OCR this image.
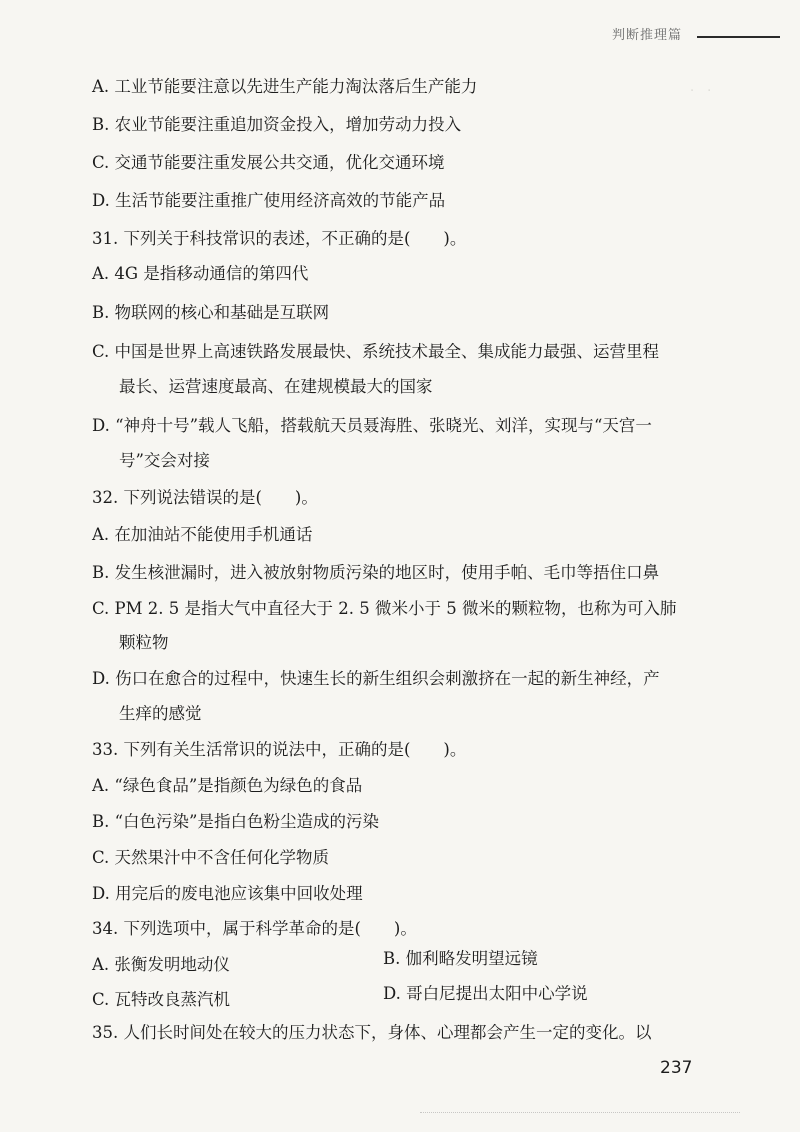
判断推理篇
·　·
A. 工业节能要注意以先进生产能力淘汰落后生产能力
B. 农业节能要注重追加资金投入，增加劳动力投入
C. 交通节能要注重发展公共交通，优化交通环境
D. 生活节能要注重推广使用经济高效的节能产品
31. 下列关于科技常识的表述，不正确的是(　　)。
A. 4G 是指移动通信的第四代
B. 物联网的核心和基础是互联网
C. 中国是世界上高速铁路发展最快、系统技术最全、集成能力最强、运营里程
最长、运营速度最高、在建规模最大的国家
D. “神舟十号”载人飞船，搭载航天员聂海胜、张晓光、刘洋，实现与“天宫一
号”交会对接
32. 下列说法错误的是(　　)。
A. 在加油站不能使用手机通话
B. 发生核泄漏时，进入被放射物质污染的地区时，使用手帕、毛巾等捂住口鼻
C. PM 2. 5 是指大气中直径大于 2. 5 微米小于 5 微米的颗粒物，也称为可入肺
颗粒物
D. 伤口在愈合的过程中，快速生长的新生组织会刺激挤在一起的新生神经，产
生痒的感觉
33. 下列有关生活常识的说法中，正确的是(　　)。
A. “绿色食品”是指颜色为绿色的食品
B. “白色污染”是指白色粉尘造成的污染
C. 天然果汁中不含任何化学物质
D. 用完后的废电池应该集中回收处理
34. 下列选项中，属于科学革命的是(　　)。
A. 张衡发明地动仪	B. 伽利略发明望远镜
C. 瓦特改良蒸汽机	D. 哥白尼提出太阳中心学说
35. 人们长时间处在较大的压力状态下，身体、心理都会产生一定的变化。以
237
